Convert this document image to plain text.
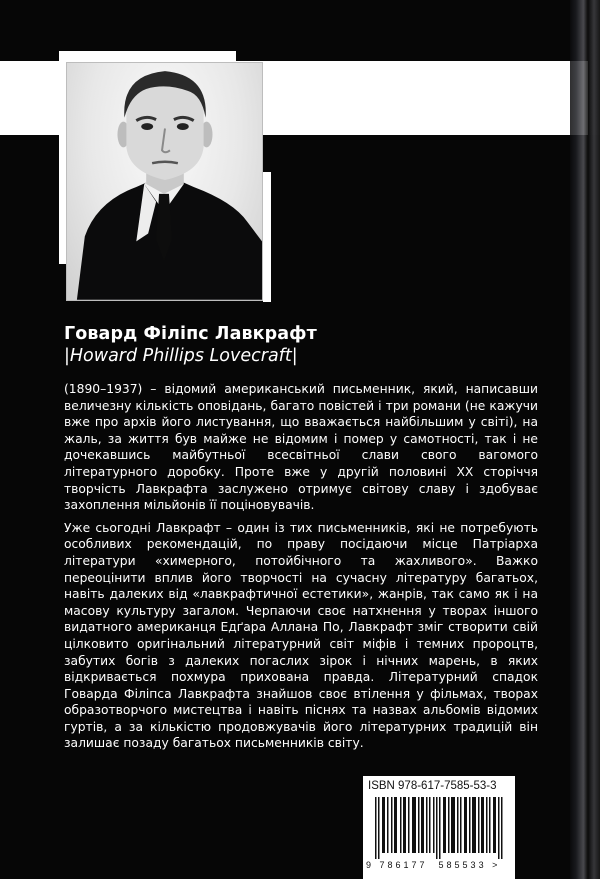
Говард Філіпс Лавкрафт
|Howard Phillips Lovecraft|

(1890–1937) – відомий американський письменник, який, написавши величезну кількість оповідань, багато повістей і три романи (не кажучи вже про архів його листування, що вважається найбільшим у світі), на жаль, за життя був майже не відомим і помер у самотності, так і не дочекавшись майбутньої всесвітньої слави свого вагомого літературного доробку. Проте вже у другій половині XX сторіччя творчість Лавкрафта заслужено отримує світову славу і здобуває захоплення мільйонів її поціновувачів.

Уже сьогодні Лавкрафт – один із тих письменників, які не потребують особливих рекомендацій, по праву посідаючи місце Патріарха літератури «химерного, потойбічного та жахливого». Важко переоцінити вплив його творчості на сучасну літературу багатьох, навіть далеких від «лавкрафтичної естетики», жанрів, так само як і на масову культуру загалом. Черпаючи своє натхнення у творах іншого видатного американця Едґара Аллана По, Лавкрафт зміг створити свій цілковито оригінальний літературний світ міфів і темних пророцтв, забутих богів з далеких погаслих зірок і нічних марень, в яких відкривається похмура прихована правда. Літературний спадок Говарда Філіпса Лавкрафта знайшов своє втілення у фільмах, творах образотворчого мистецтва і навіть піснях та назвах альбомів відомих гуртів, а за кількістю продовжувачів його літературних традицій він залишає позаду багатьох письменників світу.

ISBN 978-617-7585-53-3
9 786177  585533 >
